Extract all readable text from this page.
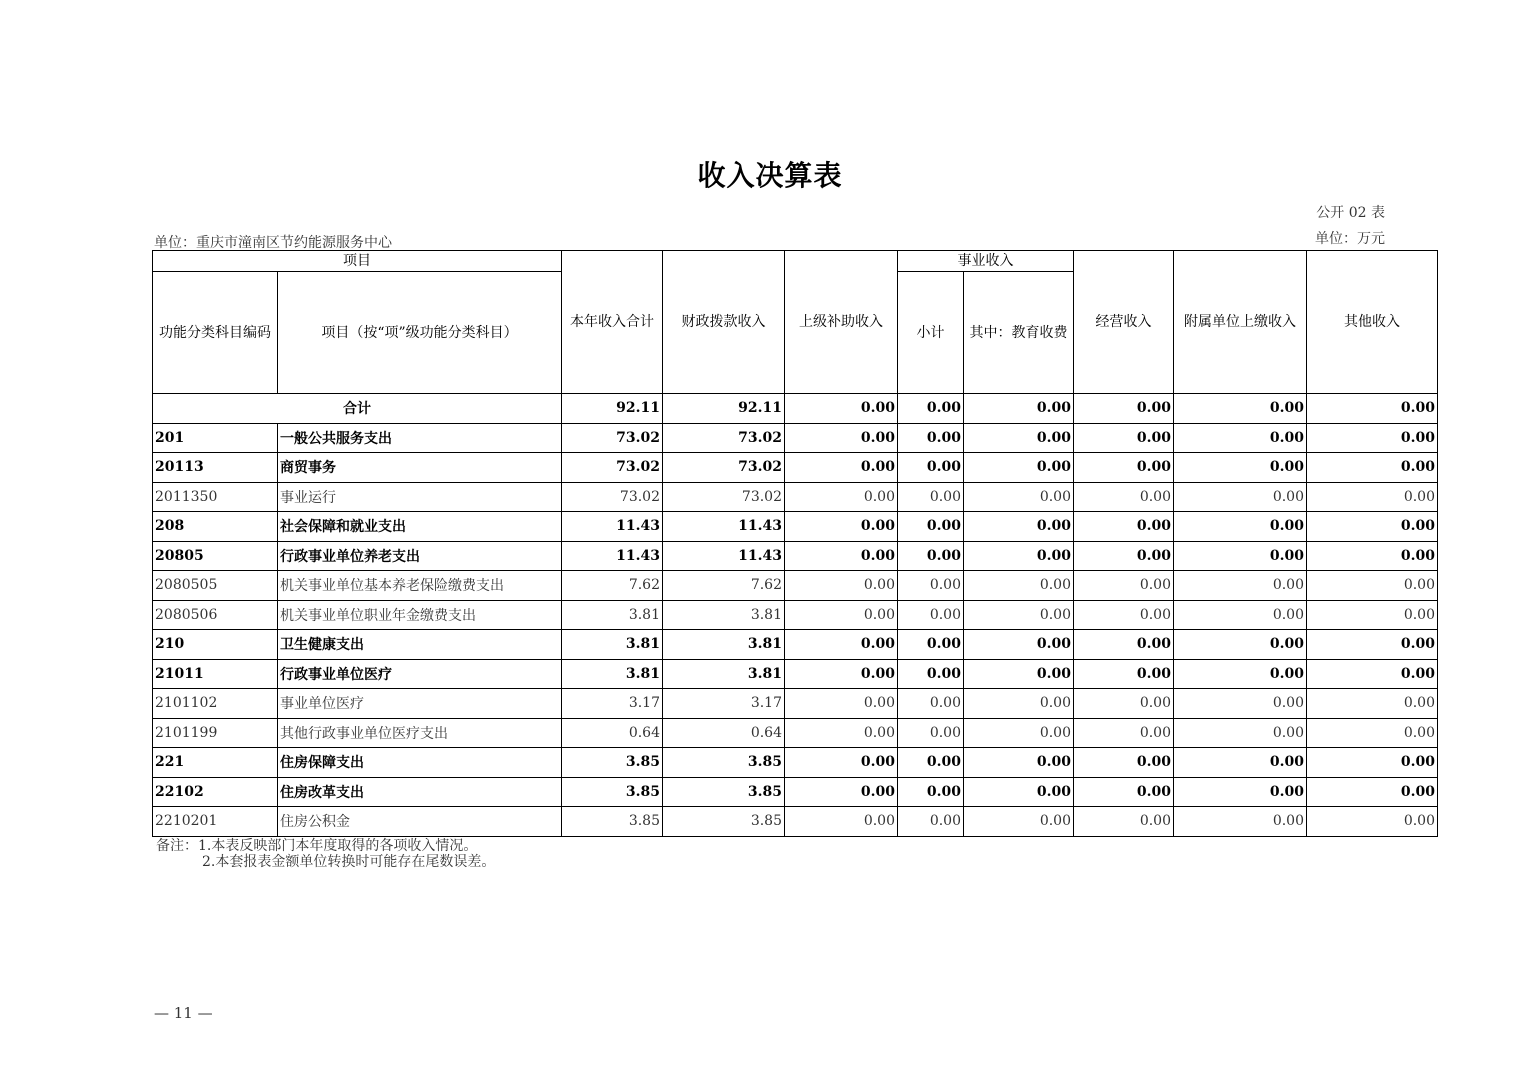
收入决算表
公开 02 表
单位：重庆市潼南区节约能源服务中心	单位：万元
项目		本年收入合计	财政拨款收入	上级补助收入	事业收入		经营收入	附属单位上缴收入	其他收入
功能分类科目编码	项目（按“项”级功能分类科目）				小计	其中：教育收费			
合计		92.11	92.11	0.00	0.00	0.00	0.00	0.00	0.00
201	一般公共服务支出	73.02	73.02	0.00	0.00	0.00	0.00	0.00	0.00
20113	商贸事务	73.02	73.02	0.00	0.00	0.00	0.00	0.00	0.00
2011350	事业运行	73.02	73.02	0.00	0.00	0.00	0.00	0.00	0.00
208	社会保障和就业支出	11.43	11.43	0.00	0.00	0.00	0.00	0.00	0.00
20805	行政事业单位养老支出	11.43	11.43	0.00	0.00	0.00	0.00	0.00	0.00
2080505	机关事业单位基本养老保险缴费支出	7.62	7.62	0.00	0.00	0.00	0.00	0.00	0.00
2080506	机关事业单位职业年金缴费支出	3.81	3.81	0.00	0.00	0.00	0.00	0.00	0.00
210	卫生健康支出	3.81	3.81	0.00	0.00	0.00	0.00	0.00	0.00
21011	行政事业单位医疗	3.81	3.81	0.00	0.00	0.00	0.00	0.00	0.00
2101102	事业单位医疗	3.17	3.17	0.00	0.00	0.00	0.00	0.00	0.00
2101199	其他行政事业单位医疗支出	0.64	0.64	0.00	0.00	0.00	0.00	0.00	0.00
221	住房保障支出	3.85	3.85	0.00	0.00	0.00	0.00	0.00	0.00
22102	住房改革支出	3.85	3.85	0.00	0.00	0.00	0.00	0.00	0.00
2210201	住房公积金	3.85	3.85	0.00	0.00	0.00	0.00	0.00	0.00
备注：1.本表反映部门本年度取得的各项收入情况。
2.本套报表金额单位转换时可能存在尾数误差。
— 11 —
